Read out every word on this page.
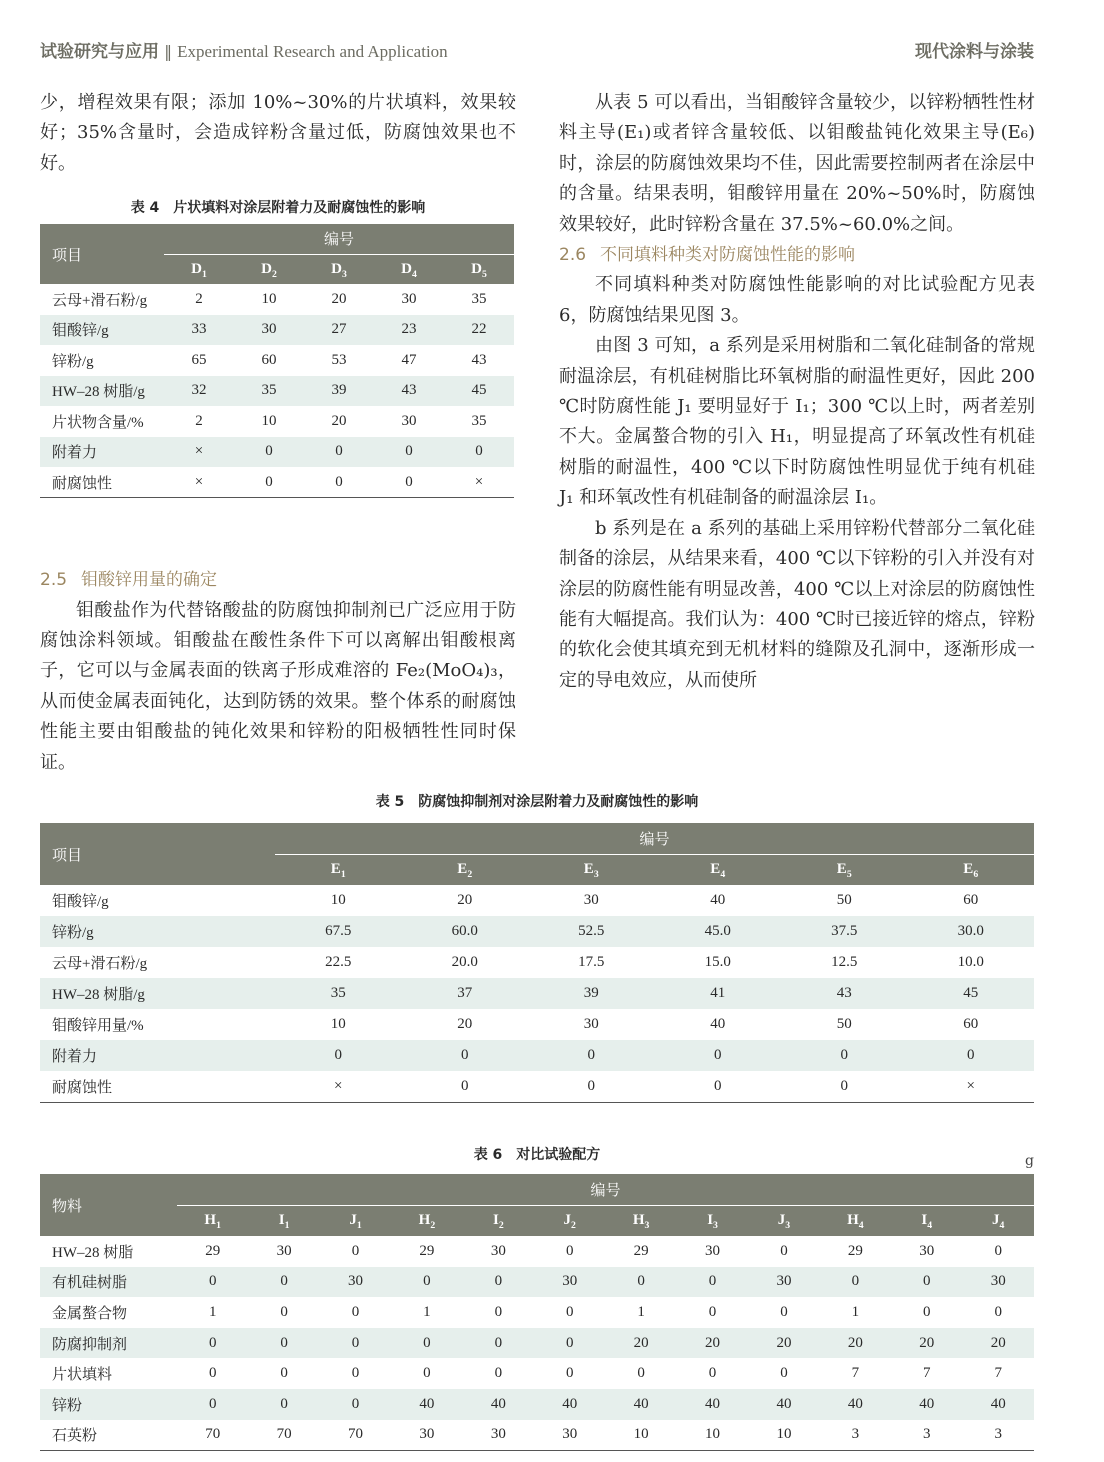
试验研究与应用 ‖ Experimental Research and Application	现代涂料与涂装

少，增程效果有限；添加 10%~30%的片状填料，效果较好；35%含量时，会造成锌粉含量过低，防腐蚀效果也不好。

2.5 钼酸锌用量的确定

钼酸盐作为代替铬酸盐的防腐蚀抑制剂已广泛应用于防腐蚀涂料领域。钼酸盐在酸性条件下可以离解出钼酸根离子，它可以与金属表面的铁离子形成难溶的 Fe₂(MoO₄)₃，从而使金属表面钝化，达到防锈的效果。整个体系的耐腐蚀性能主要由钼酸盐的钝化效果和锌粉的阳极牺牲性同时保证。

从表 5 可以看出，当钼酸锌含量较少，以锌粉牺牲性材料主导(E₁)或者锌含量较低、以钼酸盐钝化效果主导(E₆)时，涂层的防腐蚀效果均不佳，因此需要控制两者在涂层中的含量。结果表明，钼酸锌用量在 20%~50%时，防腐蚀效果较好，此时锌粉含量在 37.5%~60.0%之间。

2.6 不同填料种类对防腐蚀性能的影响

不同填料种类对防腐蚀性能影响的对比试验配方见表 6，防腐蚀结果见图 3。

由图 3 可知，a 系列是采用树脂和二氧化硅制备的常规耐温涂层，有机硅树脂比环氧树脂的耐温性更好，因此 200 ℃时防腐性能 J₁ 要明显好于 I₁；300 ℃以上时，两者差别不大。金属螯合物的引入 H₁，明显提高了环氧改性有机硅树脂的耐温性，400 ℃以下时防腐蚀性明显优于纯有机硅 J₁ 和环氧改性有机硅制备的耐温涂层 I₁。

b 系列是在 a 系列的基础上采用锌粉代替部分二氧化硅制备的涂层，从结果来看，400 ℃以下锌粉的引入并没有对涂层的防腐性能有明显改善，400 ℃以上对涂层的防腐蚀性能有大幅提高。我们认为：400 ℃时已接近锌的熔点，锌粉的软化会使其填充到无机材料的缝隙及孔洞中，逐渐形成一定的导电效应，从而使所

表 4　片状填料对涂层附着力及耐腐蚀性的影响
项目	编号				
	$D_1$	$D_2$	$D_3$	$D_4$	$D_5$
云母+滑石粉/g	2	10	20	30	35
钼酸锌/g	33	30	27	23	22
锌粉/g	65	60	53	47	43
HW–28 树脂/g	32	35	39	43	45
片状物含量/%	2	10	20	30	35
附着力	×	0	0	0	0
耐腐蚀性	×	0	0	0	×
表 5　防腐蚀抑制剂对涂层附着力及耐腐蚀性的影响
项目	编号					
	$E_1$	$E_2$	$E_3$	$E_4$	$E_5$	$E_6$
钼酸锌/g	10	20	30	40	50	60
锌粉/g	67.5	60.0	52.5	45.0	37.5	30.0
云母+滑石粉/g	22.5	20.0	17.5	15.0	12.5	10.0
HW–28 树脂/g	35	37	39	41	43	45
钼酸锌用量/%	10	20	30	40	50	60
附着力	0	0	0	0	0	0
耐腐蚀性	×	0	0	0	0	×
表 6　对比试验配方	g
物料	编号											
	$H_1$	$I_1$	$J_1$	$H_2$	$I_2$	$J_2$	$H_3$	$I_3$	$J_3$	$H_4$	$I_4$	$J_4$
HW–28 树脂	29	30	0	29	30	0	29	30	0	29	30	0
有机硅树脂	0	0	30	0	0	30	0	0	30	0	0	30
金属螯合物	1	0	0	1	0	0	1	0	0	1	0	0
防腐抑制剂	0	0	0	0	0	0	20	20	20	20	20	20
片状填料	0	0	0	0	0	0	0	0	0	7	7	7
锌粉	0	0	0	40	40	40	40	40	40	40	40	40
石英粉	70	70	70	30	30	30	10	10	10	3	3	3
